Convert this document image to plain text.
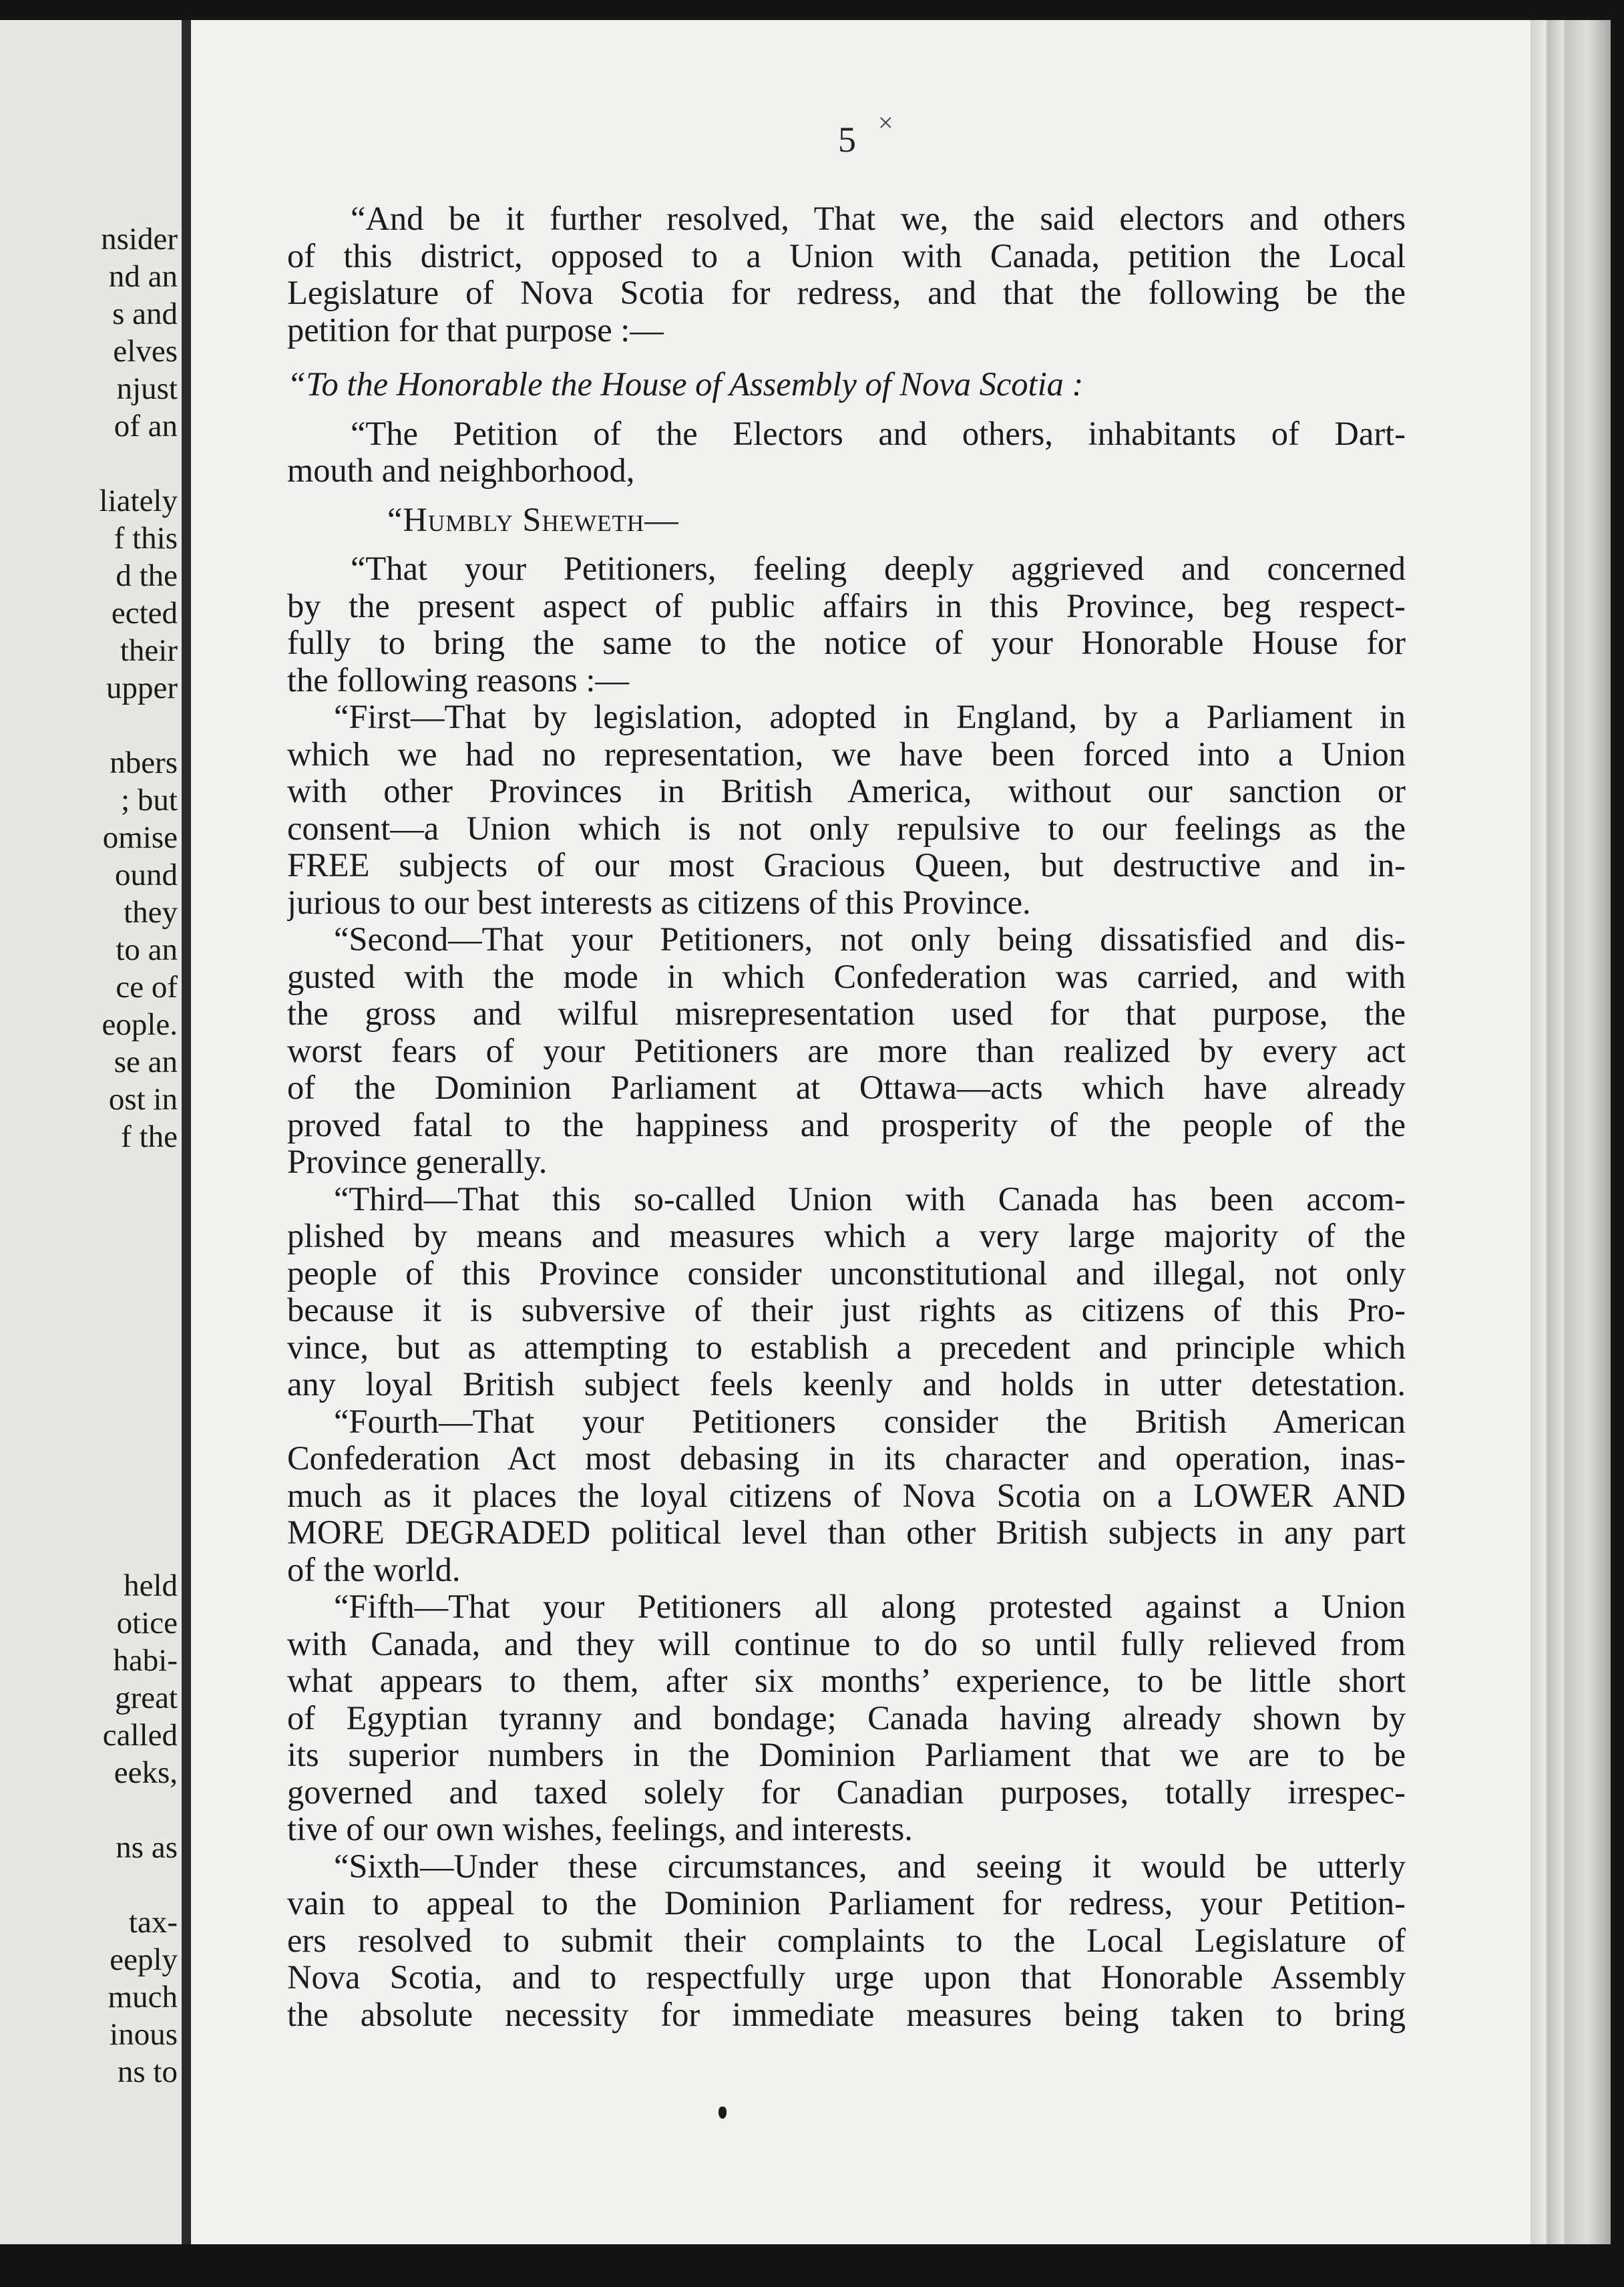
nsider
nd an
s and
elves
njust
of an
liately
f this
d the
ected
their
upper
nbers
; but
omise
ound
they
to an
ce of
eople.
se an
ost in
f the
held
otice
habi-
great
called
eeks,
ns as
tax-
eeply
much
inous
ns to
5 ×
“And be it further resolved, That we, the said electors and others
of this district, opposed to a Union with Canada, petition the Local
Legislature of Nova Scotia for redress, and that the following be the
petition for that purpose :—
“To the Honorable the House of Assembly of Nova Scotia :
“The Petition of the Electors and others, inhabitants of Dart-
mouth and neighborhood,
“Humbly Sheweth—
“That your Petitioners, feeling deeply aggrieved and concerned
by the present aspect of public affairs in this Province, beg respect-
fully to bring the same to the notice of your Honorable House for
the following reasons :—
“First—That by legislation, adopted in England, by a Parliament in
which we had no representation, we have been forced into a Union
with other Provinces in British America, without our sanction or
consent—a Union which is not only repulsive to our feelings as the
FREE subjects of our most Gracious Queen, but destructive and in-
jurious to our best interests as citizens of this Province.
“Second—That your Petitioners, not only being dissatisfied and dis-
gusted with the mode in which Confederation was carried, and with
the gross and wilful misrepresentation used for that purpose, the
worst fears of your Petitioners are more than realized by every act
of the Dominion Parliament at Ottawa—acts which have already
proved fatal to the happiness and prosperity of the people of the
Province generally.
“Third—That this so-called Union with Canada has been accom-
plished by means and measures which a very large majority of the
people of this Province consider unconstitutional and illegal, not only
because it is subversive of their just rights as citizens of this Pro-
vince, but as attempting to establish a precedent and principle which
any loyal British subject feels keenly and holds in utter detestation.
“Fourth—That your Petitioners consider the British American
Confederation Act most debasing in its character and operation, inas-
much as it places the loyal citizens of Nova Scotia on a LOWER AND
MORE DEGRADED political level than other British subjects in any part
of the world.
“Fifth—That your Petitioners all along protested against a Union
with Canada, and they will continue to do so until fully relieved from
what appears to them, after six months’ experience, to be little short
of Egyptian tyranny and bondage; Canada having already shown by
its superior numbers in the Dominion Parliament that we are to be
governed and taxed solely for Canadian purposes, totally irrespec-
tive of our own wishes, feelings, and interests.
“Sixth—Under these circumstances, and seeing it would be utterly
vain to appeal to the Dominion Parliament for redress, your Petition-
ers resolved to submit their complaints to the Local Legislature of
Nova Scotia, and to respectfully urge upon that Honorable Assembly
the absolute necessity for immediate measures being taken to bring
